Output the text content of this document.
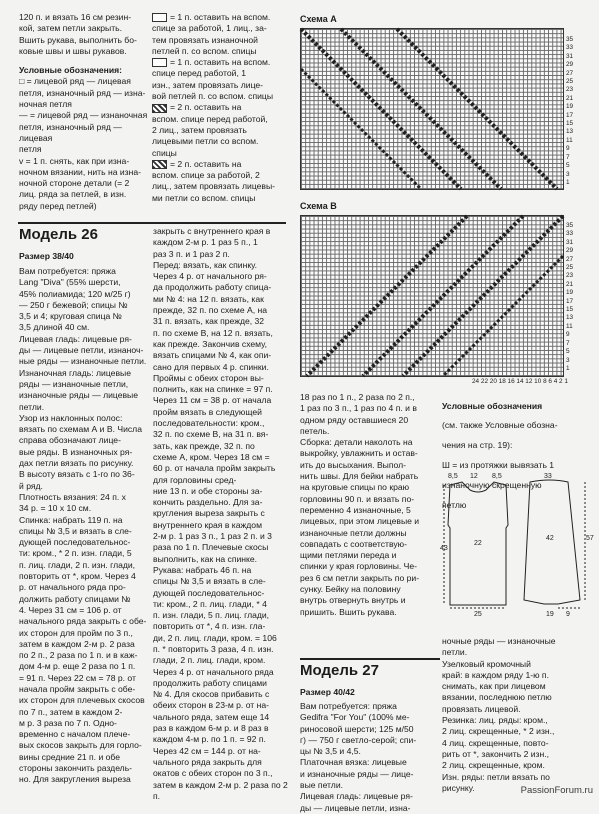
120 п. и вязать 16 см резин-

кой, затем петли закрыть.

Вшить рукава, выполнить бо-

ковые швы и швы рукавов.

Условные обозначения:

□ = лицевой ряд — лицевая

петля, изнаночный ряд — изна-

ночная петля

— = лицевой ряд — изнаночная

петля, изнаночный ряд — лицевая

петля

v = 1 п. снять, как при изна-

ночном вязании, нить на изна-

ночной стороне детали (= 2

лиц. ряда за петлей, в изн.

ряду перед петлей)

= 1 п. оставить на вспом.

спице за работой, 1 лиц., за-

тем провязать изнаночной

петлей п. со вспом. спицы

= 1 п. оставить на вспом.

спице перед работой, 1

изн., затем провязать лице-

вой петлей п. со вспом. спицы

= 2 п. оставить на

вспом. спице перед работой,

2 лиц., затем провязать

лицевыми петли со вспом.

спицы

= 2 п. оставить на

вспом. спице за работой, 2

лиц., затем провязать лицевы-

ми петли со вспом. спицы

Схема А
35
33
31
29
27
25
23
21
19
17
15
13
11
9
7
5
3
1
Схема B
35
33
31
29
27
25
23
21
19
17
15
13
11
9
7
5
3
1
24 22 20 18 16 14 12 10 8 6 4 2 1
Модель 26
Размер 38/40

Вам потребуется: пряжа

Lang "Diva" (55% шерсти,

45% полиамида; 120 м/25 г)

— 250 г бежевой; спицы №

3,5 и 4; круговая спица №

3,5 длиной 40 см.

Лицевая гладь: лицевые ря-

ды — лицевые петли, изнаноч-

ные ряды — изнаночные петли.

Изнаночная гладь: лицевые

ряды — изнаночные петли,

изнаночные ряды — лицевые

петли.

Узор из наклонных полос:

вязать по схемам А и В. Числа

справа обозначают лице-

вые ряды. В изнаночных ря-

дах петли вязать по рисунку.

В высоту вязать с 1-го по 36-

й ряд.

Плотность вязания: 24 п. х

34 р. = 10 х 10 см.

Спинка: набрать 119 п. на

спицы № 3,5 и вязать в сле-

дующей последовательнос-

ти: кром., * 2 п. изн. глади, 5

п. лиц. глади, 2 п. изн. глади,

повторить от *, кром. Через 4

р. от начального ряда про-

должить работу спицами №

4. Через 31 см = 106 р. от

начального ряда закрыть с обе-

их сторон для пройм по 3 п.,

затем в каждом 2-м р. 2 раза

по 2 п., 2 раза по 1 п. и в каж-

дом 4-м р. еще 2 раза по 1 п.

= 91 п. Через 22 см = 78 р. от

начала пройм закрыть с обе-

их сторон для плечевых скосов

по 7 п., затем в каждом 2-

м р. 3 раза по 7 п. Одно-

временно с началом плече-

вых скосов закрыть для горло-

вины средние 21 п. и обе

стороны закончить раздель-

но. Для закругления выреза

закрыть с внутреннего края в

каждом 2-м р. 1 раз 5 п., 1

раз 3 п. и 1 раз 2 п.

Перед: вязать, как спинку.

Через 4 р. от начального ря-

да продолжить работу спица-

ми № 4: на 12 п. вязать, как

прежде, 32 п. по схеме А, на

31 п. вязать, как прежде, 32

п. по схеме В, на 12 п. вязать,

как прежде. Закончив схему,

вязать спицами № 4, как опи-

сано для первых 4 р. спинки.

Проймы с обеих сторон вы-

полнить, как на спинке = 97 п.

Через 11 см = 38 р. от начала

пройм вязать в следующей

последовательности: кром.,

32 п. по схеме В, на 31 п. вя-

зать, как прежде, 32 п. по

схеме А, кром. Через 18 см =

60 р. от начала пройм закрыть

для горловины сред-

ние 13 п. и обе стороны за-

кончить раздельно. Для за-

кругления выреза закрыть с

внутреннего края в каждом

2-м р. 1 раз 3 п., 1 раз 2 п. и 3

раза по 1 п. Плечевые скосы

выполнить, как на спинке.

Рукава: набрать 46 п. на

спицы № 3,5 и вязать в сле-

дующей последовательнос-

ти: кром., 2 п. лиц. глади, * 4

п. изн. глади, 5 п. лиц. глади,

повторить от *, 4 п. изн. гла-

ди, 2 п. лиц. глади, кром. = 106

п. * повторить 3 раза, 4 п. изн.

глади, 2 п. лиц. глади, кром.

Через 4 р. от начального ряда

продолжить работу спицами

№ 4. Для скосов прибавить с

обеих сторон в 23-м р. от на-

чального ряда, затем еще 14

раз в каждом 6-м р. и 8 раз в

каждом 4-м р. по 1 п. = 92 п.

Через 42 см = 144 р. от на-

чального ряда закрыть для

окатов с обеих сторон по 3 п.,

затем в каждом 2-м р. 2 раза по 2 п.

18 раз по 1 п., 2 раза по 2 п.,

1 раз по 3 п., 1 раз по 4 п. и в

одном ряду оставшиеся 20

петель.

Сборка: детали наколоть на

выкройку, увлажнить и остав-

ить до высыхания. Выпол-

нить швы. Для бейки набрать

на круговые спицы по краю

горловины 90 п. и вязать по-

переменно 4 изнаночные, 5

лицевых, при этом лицевые и

изнаночные петли должны

совпадать с соответствую-

щими петлями переда и

спинки у края горловины. Че-

рез 6 см петли закрыть по ри-

сунку. Бейку на половину

внутрь отвернуть внутрь и

пришить. Вшить рукава.

Условные обозначения

(см. также Условные обозна-

чения на стр. 19):

Ш = из протяжки вывязать 1

изнаночную скрещенную

петлю

8,5 12 8,5
43
22
25
33
57
42
19 9
Модель 27
Размер 40/42

Вам потребуется: пряжа

Gedifra "For You" (100% ме-

риносовой шерсти; 125 м/50

г) — 750 г светло-серой; спи-

цы № 3,5 и 4,5.

Платочная вязка: лицевые

и изнаночные ряды — лице-

вые петли.

Лицевая гладь: лицевые ря-

ды — лицевые петли, изна-

ночные ряды — изнаночные

петли.

Узелковый кромочный

край: в каждом ряду 1-ю п.

снимать, как при лицевом

вязании, последнюю петлю

провязать лицевой.

Резинка: лиц. ряды: кром.,

2 лиц. скрещенные, * 2 изн.,

4 лиц. скрещенные, повто-

рить от *, закончить 2 изн.,

2 лиц. скрещенные, кром.

Изн. ряды: петли вязать по

рисунку.	PassionForum.ru
